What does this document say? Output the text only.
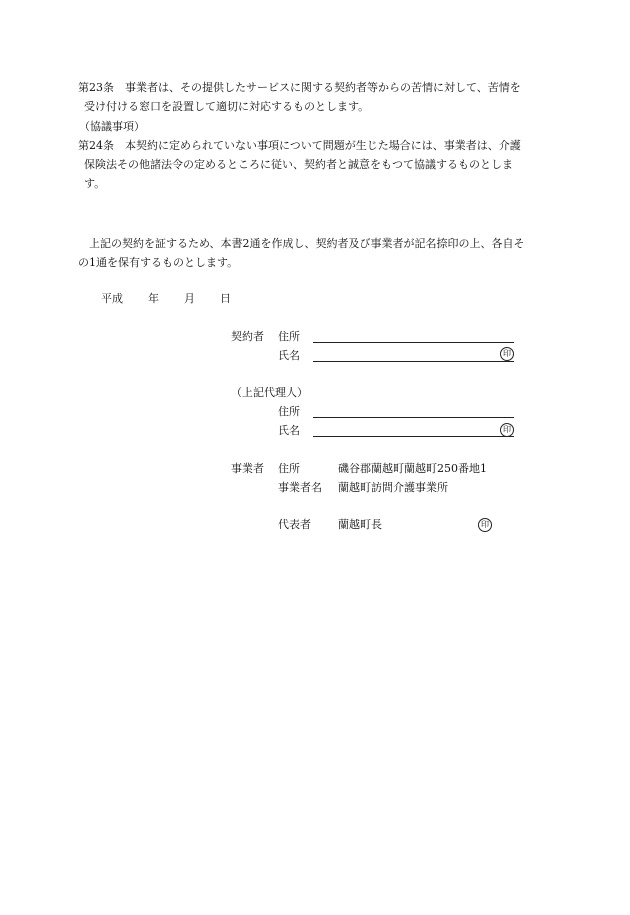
第23条　事業者は、その提供したサービスに関する契約者等からの苦情に対して、苦情を
受け付ける窓口を設置して適切に対応するものとします。
（協議事項）
第24条　本契約に定められていない事項について問題が生じた場合には、事業者は、介護
保険法その他諸法令の定めるところに従い、契約者と誠意をもつて協議するものとしま
す。
上記の契約を証するため、本書2通を作成し、契約者及び事業者が記名捺印の上、各自そ
の1通を保有するものとします。
平成 年 月 日
契約者 住所
氏名	印
（上記代理人）
住所
氏名	印
事業者 住所	磯谷郡蘭越町蘭越町250番地1
事業者名 蘭越町訪問介護事業所
代表者 蘭越町長	印
